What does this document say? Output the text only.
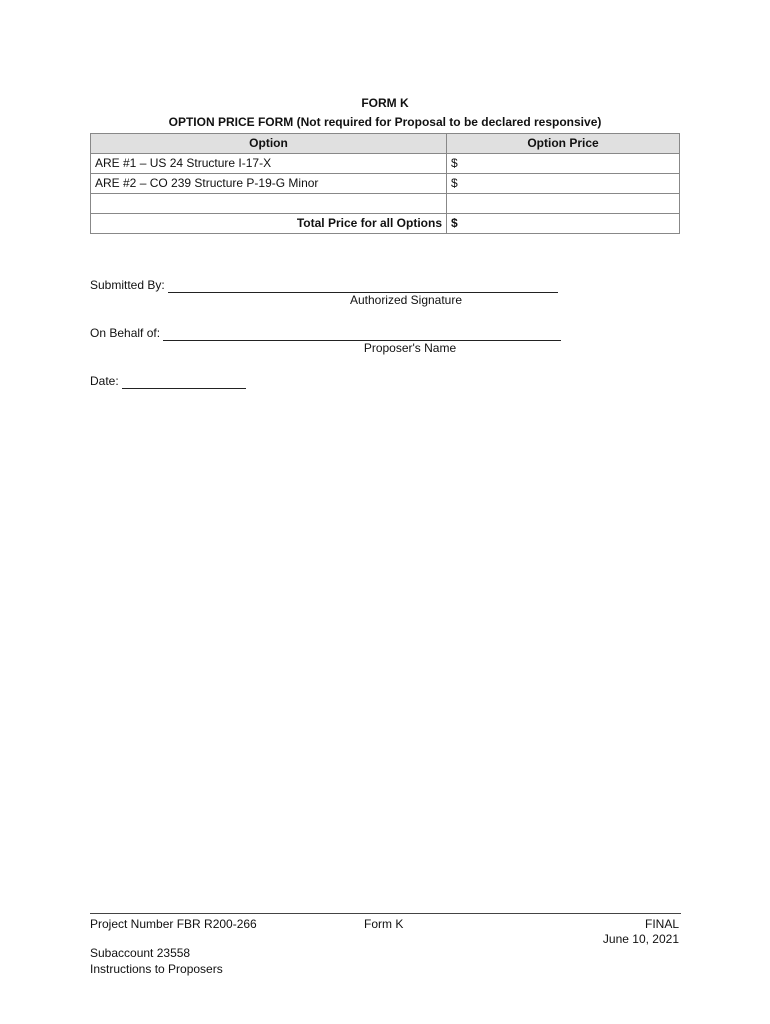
FORM K
OPTION PRICE FORM (Not required for Proposal to be declared responsive)
Option	Option Price
ARE #1 – US 24 Structure I-17-X	$
ARE #2 – CO 239 Structure P-19-G Minor	$

Total Price for all Options	$
Submitted By:
Authorized Signature
On Behalf of:
Proposer's Name
Date:
Project Number FBR R200-266	Form K	FINAL
June 10, 2021
Subaccount 23558
Instructions to Proposers
